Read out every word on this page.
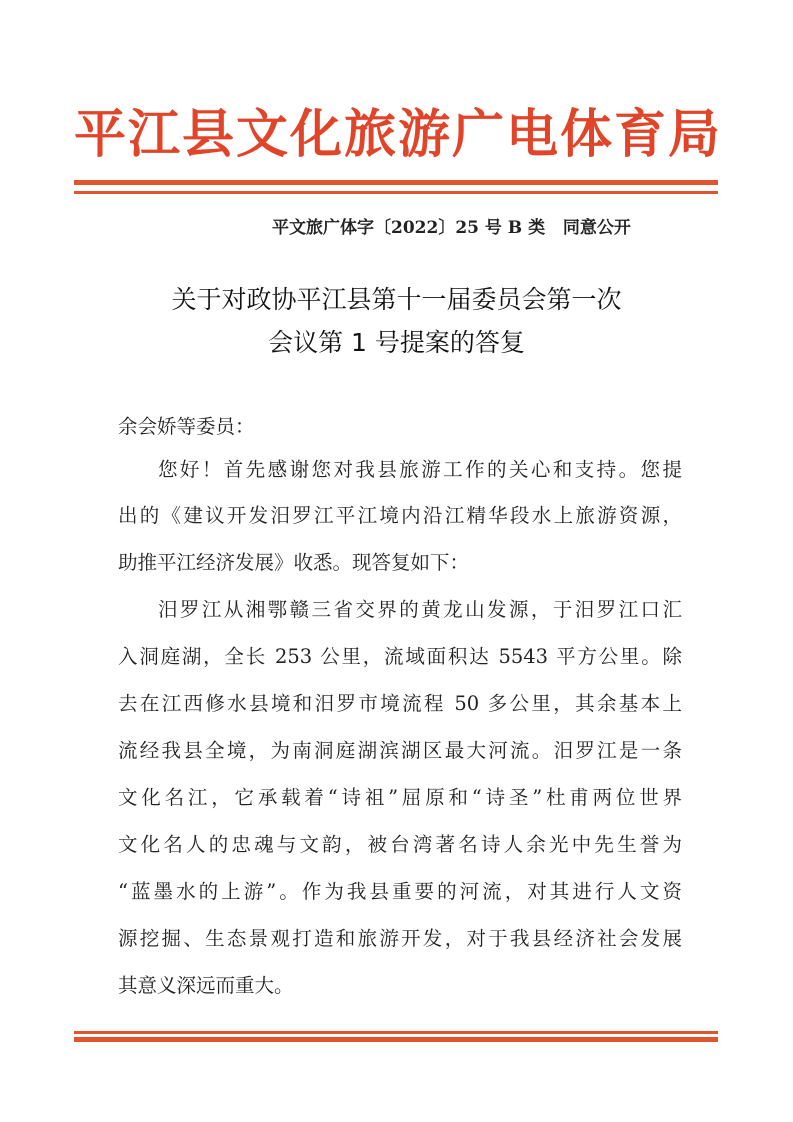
平江县文化旅游广电体育局
平文旅广体字〔2022〕25 号 B 类   同意公开
关于对政协平江县第十一届委员会第一次
会议第 1 号提案的答复
余会娇等委员：
您好！首先感谢您对我县旅游工作的关心和支持。您提
出的《建议开发汨罗江平江境内沿江精华段水上旅游资源，
助推平江经济发展》收悉。现答复如下：
汨罗江从湘鄂赣三省交界的黄龙山发源，于汨罗江口汇
入洞庭湖，全长 253 公里，流域面积达 5543 平方公里。除
去在江西修水县境和汨罗市境流程 50 多公里，其余基本上
流经我县全境，为南洞庭湖滨湖区最大河流。汨罗江是一条
文化名江，它承载着“诗祖”屈原和“诗圣”杜甫两位世界
文化名人的忠魂与文韵，被台湾著名诗人余光中先生誉为
“蓝墨水的上游”。作为我县重要的河流，对其进行人文资
源挖掘、生态景观打造和旅游开发，对于我县经济社会发展
其意义深远而重大。
